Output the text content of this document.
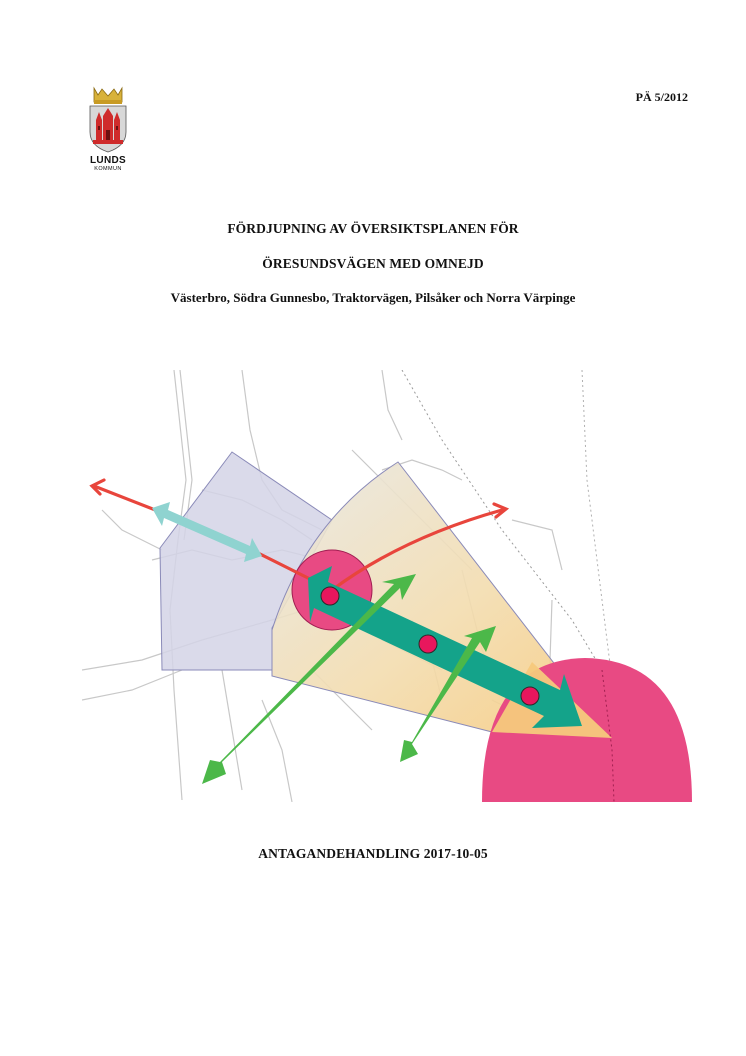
LUNDS
KOMMUN
PÄ 5/2012
FÖRDJUPNING AV ÖVERSIKTSPLANEN FÖR
ÖRESUNDSVÄGEN MED OMNEJD
Västerbro, Södra Gunnesbo, Traktorvägen, Pilsåker och Norra Värpinge
ANTAGANDEHANDLING 2017-10-05
